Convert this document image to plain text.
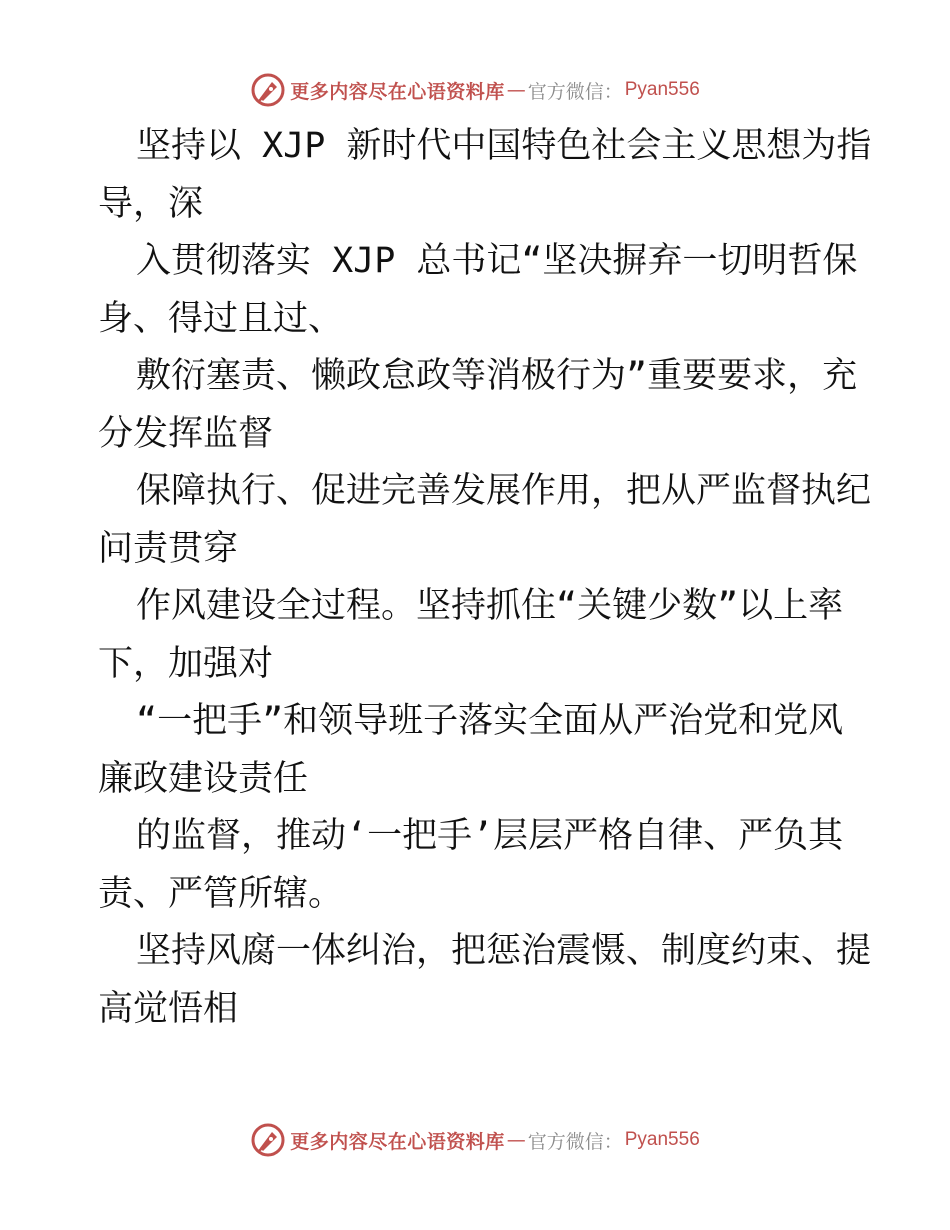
更多内容尽在心语资料库 — 官方微信： Pyan556
坚持以 XJP 新时代中国特色社会主义思想为指
导，深
入贯彻落实 XJP 总书记“坚决摒弃一切明哲保
身、得过且过、
敷衍塞责、懒政怠政等消极行为”重要要求，充
分发挥监督
保障执行、促进完善发展作用，把从严监督执纪
问责贯穿
作风建设全过程。坚持抓住“关键少数”以上率
下，加强对
“一把手”和领导班子落实全面从严治党和党风
廉政建设责任
的监督，推动‘一把手’层层严格自律、严负其
责、严管所辖。
坚持风腐一体纠治，把惩治震慑、制度约束、提
高觉悟相
更多内容尽在心语资料库 — 官方微信： Pyan556
